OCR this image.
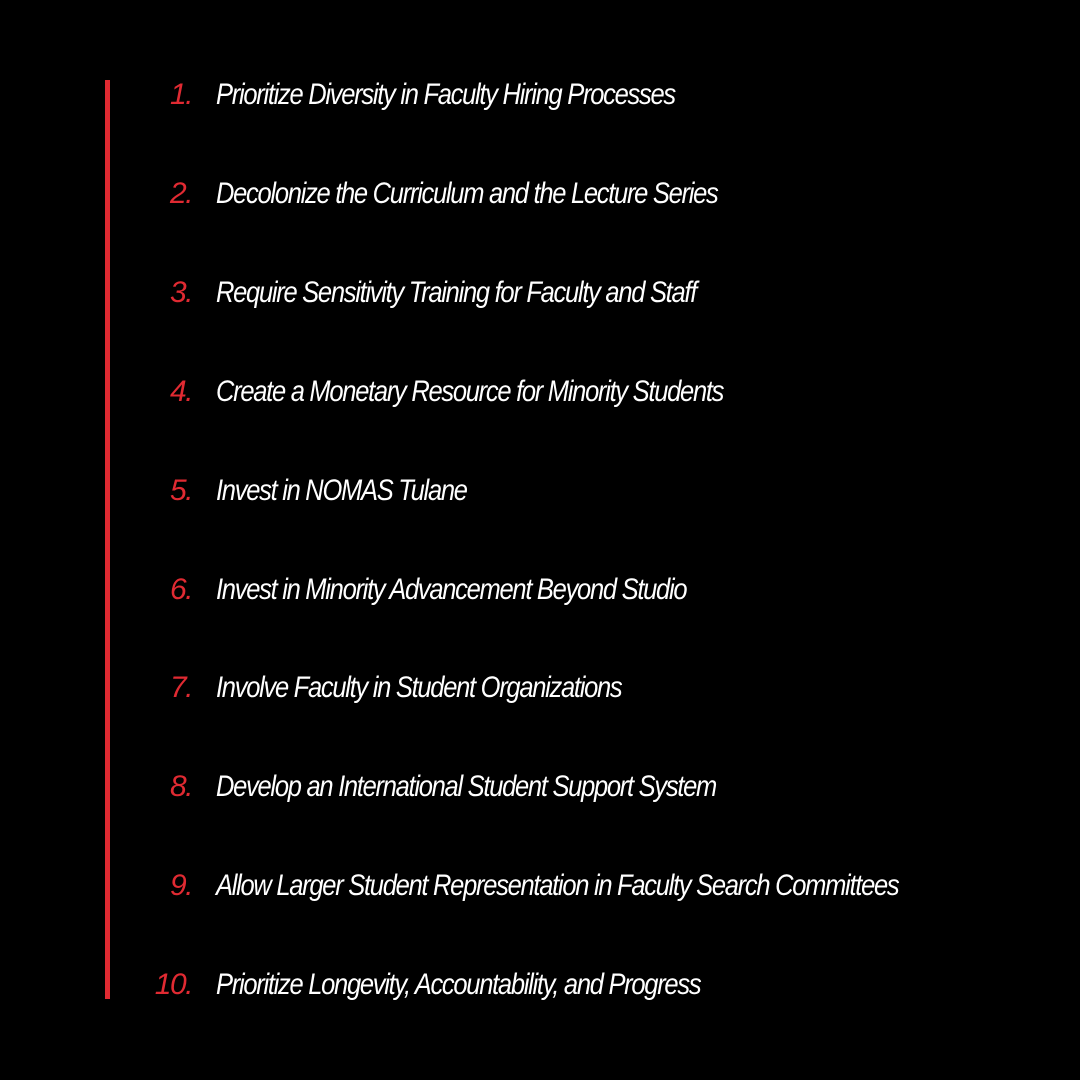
1. Prioritize Diversity in Faculty Hiring Processes
2. Decolonize the Curriculum and the Lecture Series
3. Require Sensitivity Training for Faculty and Staff
4. Create a Monetary Resource for Minority Students
5. Invest in NOMAS Tulane
6. Invest in Minority Advancement Beyond Studio
7. Involve Faculty in Student Organizations
8. Develop an International Student Support System
9. Allow Larger Student Representation in Faculty Search Committees
10. Prioritize Longevity, Accountability, and Progress
